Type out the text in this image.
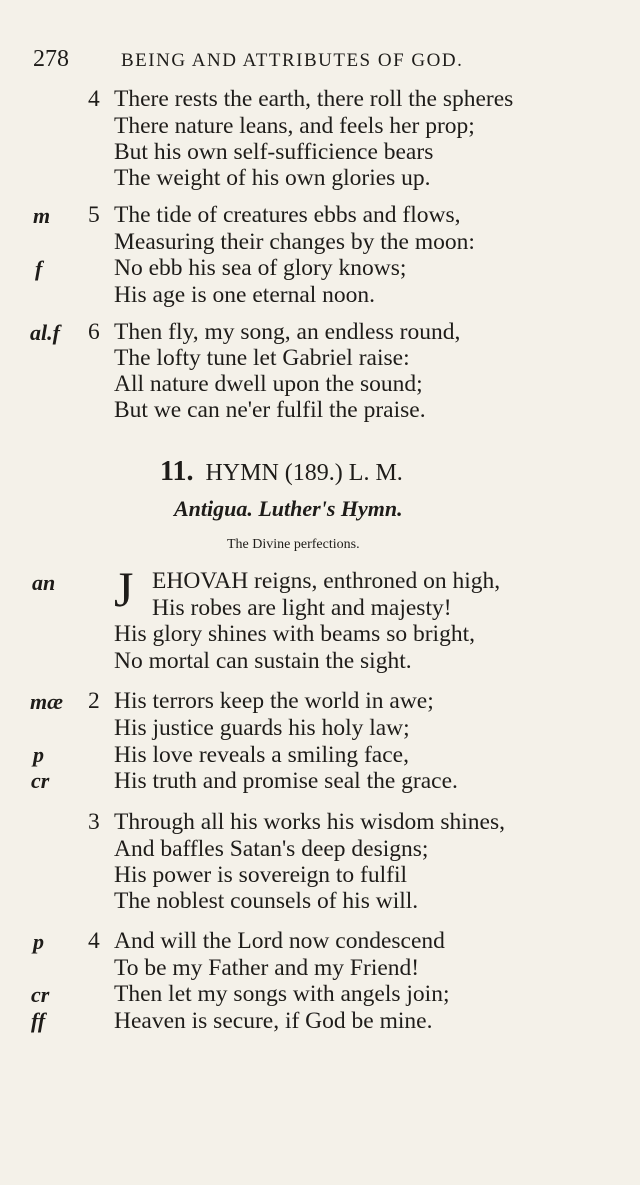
278	BEING AND ATTRIBUTES OF GOD.
4 There rests the earth, there roll the spheres
There nature leans, and feels her prop;
But his own self-sufficience bears
The weight of his own glories up.
m 5 The tide of creatures ebbs and flows,
Measuring their changes by the moon:
f	No ebb his sea of glory knows;
His age is one eternal noon.
al.f 6 Then fly, my song, an endless round,
The lofty tune let Gabriel raise:
All nature dwell upon the sound;
But we can ne'er fulfil the praise.
11. HYMN (189.) L. M.
Antigua. Luther's Hymn.
The Divine perfections.
an J EHOVAH reigns, enthroned on high,
His robes are light and majesty!
His glory shines with beams so bright,
No mortal can sustain the sight.
mæ 2 His terrors keep the world in awe;
His justice guards his holy law;
p	His love reveals a smiling face,
cr	His truth and promise seal the grace.
3 Through all his works his wisdom shines,
And baffles Satan's deep designs;
His power is sovereign to fulfil
The noblest counsels of his will.
p 4 And will the Lord now condescend
To be my Father and my Friend!
cr	Then let my songs with angels join;
ff	Heaven is secure, if God be mine.
